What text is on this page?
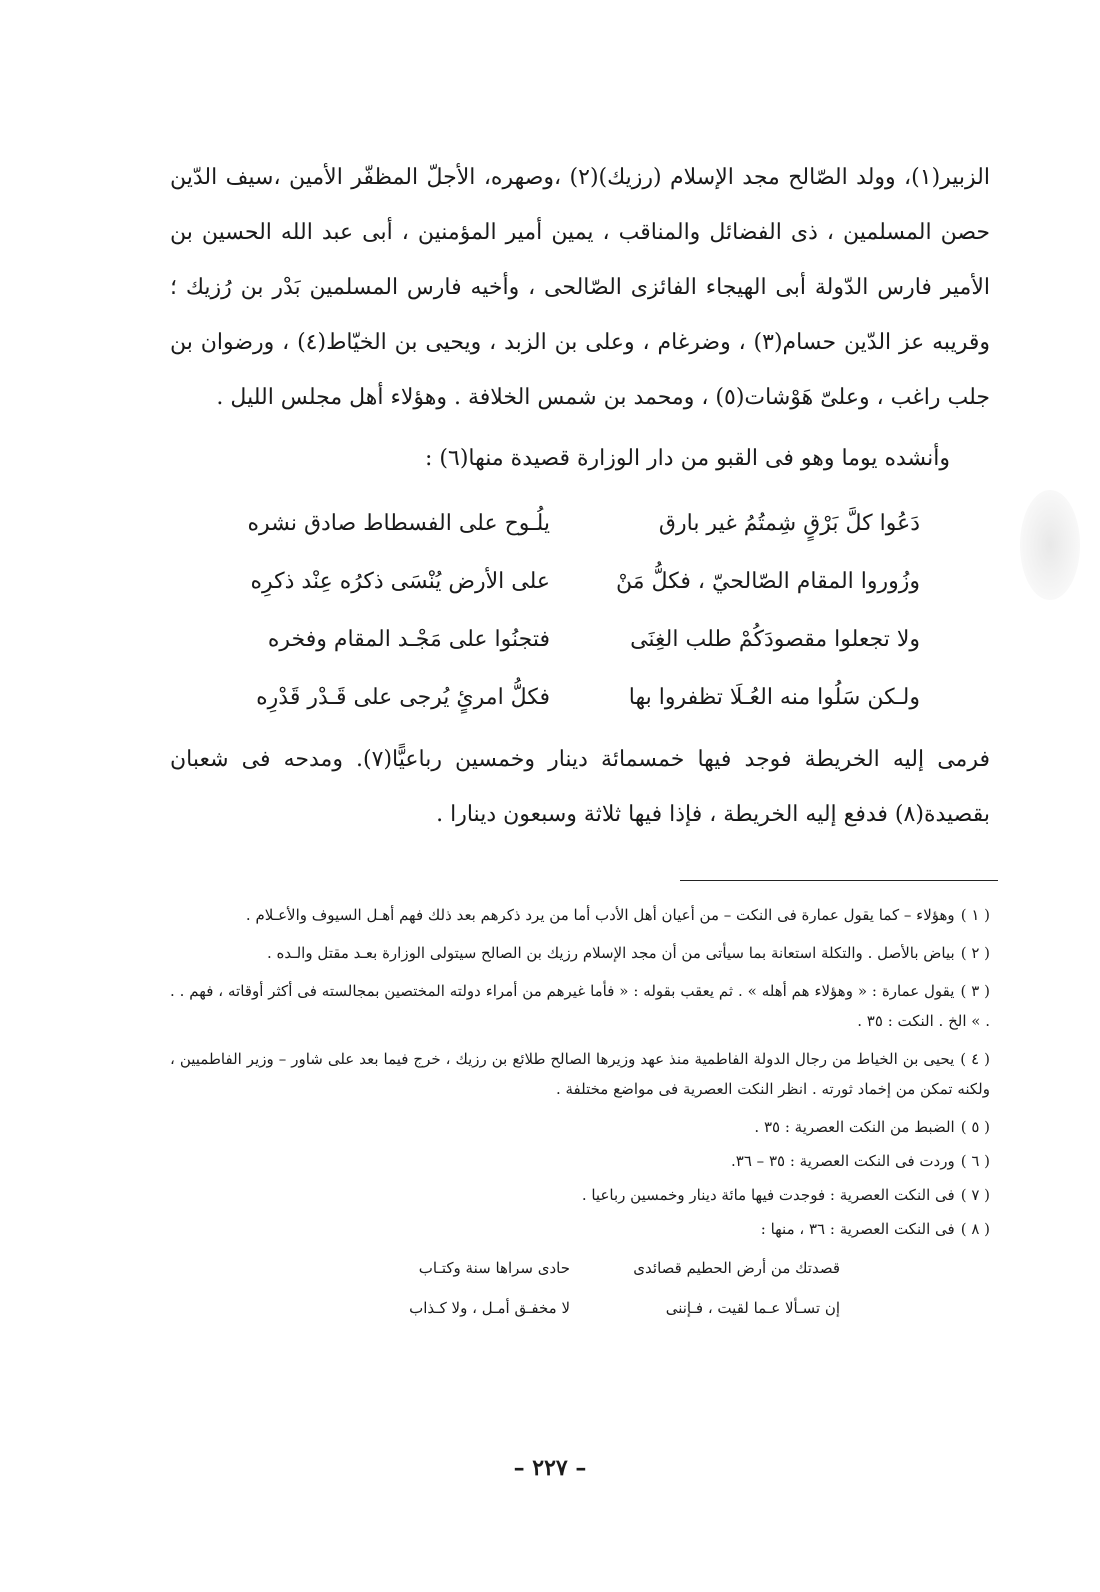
الزبير(١)، وولد الصّالح مجد الإسلام (رزيك)(٢) ،وصهره، الأجلّ المظفّر الأمين ،سيف الدّين حصن المسلمين ، ذى الفضائل والمناقب ، يمين أمير المؤمنين ، أبى عبد الله الحسين بن الأمير فارس الدّولة أبى الهيجاء الفائزى الصّالحى ، وأخيه فارس المسلمين بَدْر بن رُزيك ؛ وقريبه عز الدّين حسام(٣) ، وضرغام ، وعلى بن الزبد ، ويحيى بن الخيّاط(٤) ، ورضوان بن جلب راغب ، وعلىّ هَوْشات(٥) ، ومحمد بن شمس الخلافة . وهؤلاء أهل مجلس الليل .

وأنشده يوما وهو فى القبو من دار الوزارة قصيدة منها(٦) :

دَعُوا كلَّ بَرْقٍ شِمتُمُ غير بارق
يلُـوح على الفسطاط صادق نشره
وزُوروا المقام الصّالحيّ ، فكلُّ مَنْ
على الأرض يُنْسَى ذكرُه عِنْد ذكرِه
ولا تجعلوا مقصودَكُمْ طلب الغِنَى
فتجنُوا على مَجْـد المقام وفخره
ولـكن سَلُوا منه العُـلَا تظفروا بها
فكلُّ امرئٍ يُرجى على قَـدْر قَدْرِه

فرمى إليه الخريطة فوجد فيها خمسمائة دينار وخمسين رباعيًّا(٧). ومدحه فى شعبان بقصيدة(٨) فدفع إليه الخريطة ، فإذا فيها ثلاثة وسبعون دينارا .

( ١ )وهؤلاء – كما يقول عمارة فى النكت – من أعيان أهل الأدب أما من يرد ذكرهم بعد ذلك فهم أهـل السيوف والأعـلام .

( ٢ )بياض بالأصل . والتكلة استعانة بما سيأتى من أن مجد الإسلام رزيك بن الصالح سيتولى الوزارة بعـد مقتل والـده .

( ٣ )يقول عمارة : « وهؤلاء هم أهله » . ثم يعقب بقوله : « فأما غيرهم من أمراء دولته المختصين بمجالسته فى أكثر أوقاته ، فهم . . . » الخ . النكت : ٣٥ .

( ٤ )يحيى بن الخياط من رجال الدولة الفاطمية منذ عهد وزيرها الصالح طلائع بن رزيك ، خرج فيما بعد على شاور – وزير الفاطميين ، ولكنه تمكن من إخماد ثورته . انظر النكت العصرية فى مواضع مختلفة .

( ٥ )الضبط من النكت العصرية : ٣٥ .

( ٦ )وردت فى النكت العصرية : ٣٥ – ٣٦.

( ٧ )فى النكت العصرية : فوجدت فيها مائة دينار وخمسين رباعيا .

( ٨ )فى النكت العصرية : ٣٦ ، منها :

قصدتك من أرض الحطيم قصائدى
حادى سراها سنة وكتـاب
إن تسـألا عـما لقيت ، فـإننى
لا مخفـق أمـل ، ولا كـذاب
– ٢٢٧ –
